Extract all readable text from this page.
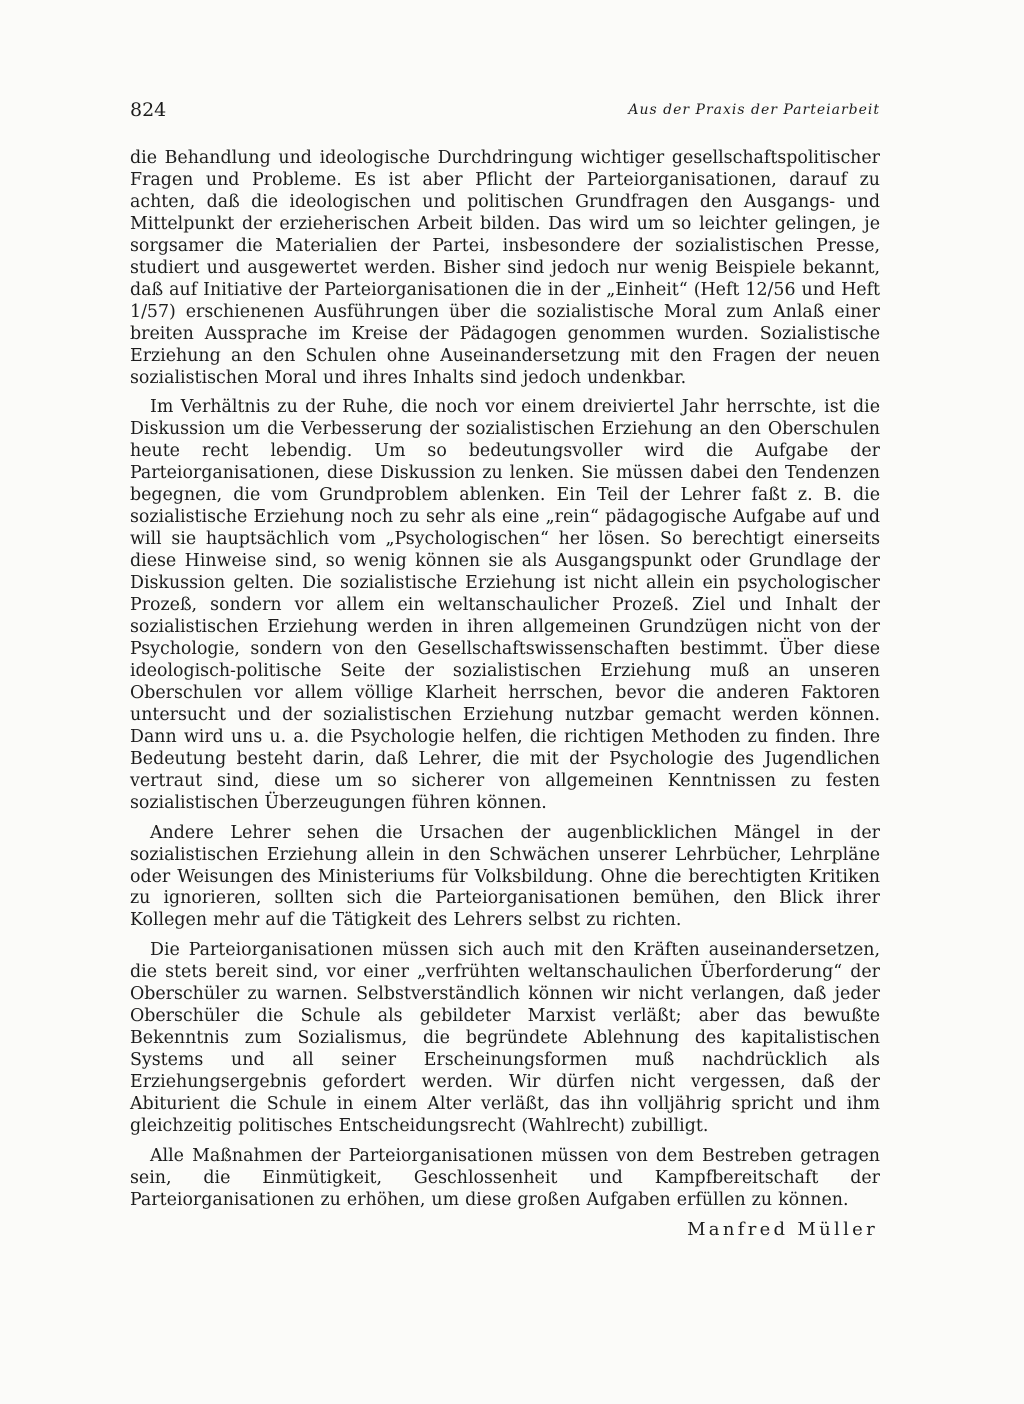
824	Aus der Praxis der Parteiarbeit

die Behandlung und ideologische Durchdringung wichtiger gesellschaftspolitischer Fragen und Probleme. Es ist aber Pflicht der Parteiorganisationen, darauf zu achten, daß die ideologischen und politischen Grundfragen den Ausgangs- und Mittelpunkt der erzieherischen Arbeit bilden. Das wird um so leichter gelingen, je sorgsamer die Materialien der Partei, insbesondere der sozialistischen Presse, studiert und ausgewertet werden. Bisher sind jedoch nur wenig Beispiele bekannt, daß auf Initiative der Parteiorganisationen die in der „Einheit“ (Heft 12/56 und Heft 1/57) erschienenen Ausführungen über die sozialistische Moral zum Anlaß einer breiten Aussprache im Kreise der Pädagogen genommen wurden. Sozialistische Erziehung an den Schulen ohne Auseinandersetzung mit den Fragen der neuen sozialistischen Moral und ihres Inhalts sind jedoch undenkbar.

Im Verhältnis zu der Ruhe, die noch vor einem dreiviertel Jahr herrschte, ist die Diskussion um die Verbesserung der sozialistischen Erziehung an den Oberschulen heute recht lebendig. Um so bedeutungsvoller wird die Aufgabe der Parteiorganisationen, diese Diskussion zu lenken. Sie müssen dabei den Tendenzen begegnen, die vom Grundproblem ablenken. Ein Teil der Lehrer faßt z. B. die sozialistische Erziehung noch zu sehr als eine „rein“ pädagogische Aufgabe auf und will sie hauptsächlich vom „Psychologischen“ her lösen. So berechtigt einerseits diese Hinweise sind, so wenig können sie als Ausgangspunkt oder Grundlage der Diskussion gelten. Die sozialistische Erziehung ist nicht allein ein psychologischer Prozeß, sondern vor allem ein weltanschaulicher Prozeß. Ziel und Inhalt der sozialistischen Erziehung werden in ihren allgemeinen Grundzügen nicht von der Psychologie, sondern von den Gesellschaftswissenschaften bestimmt. Über diese ideologisch-politische Seite der sozialistischen Erziehung muß an unseren Oberschulen vor allem völlige Klarheit herrschen, bevor die anderen Faktoren untersucht und der sozialistischen Erziehung nutzbar gemacht werden können. Dann wird uns u. a. die Psychologie helfen, die richtigen Methoden zu finden. Ihre Bedeutung besteht darin, daß Lehrer, die mit der Psychologie des Jugendlichen vertraut sind, diese um so sicherer von allgemeinen Kenntnissen zu festen sozialistischen Überzeugungen führen können.

Andere Lehrer sehen die Ursachen der augenblicklichen Mängel in der sozialistischen Erziehung allein in den Schwächen unserer Lehrbücher, Lehrpläne oder Weisungen des Ministeriums für Volksbildung. Ohne die berechtigten Kritiken zu ignorieren, sollten sich die Parteiorganisationen bemühen, den Blick ihrer Kollegen mehr auf die Tätigkeit des Lehrers selbst zu richten.

Die Parteiorganisationen müssen sich auch mit den Kräften auseinandersetzen, die stets bereit sind, vor einer „verfrühten weltanschaulichen Überforderung“ der Oberschüler zu warnen. Selbstverständlich können wir nicht verlangen, daß jeder Oberschüler die Schule als gebildeter Marxist verläßt; aber das bewußte Bekenntnis zum Sozialismus, die begründete Ablehnung des kapitalistischen Systems und all seiner Erscheinungsformen muß nachdrücklich als Erziehungsergebnis gefordert werden. Wir dürfen nicht vergessen, daß der Abiturient die Schule in einem Alter verläßt, das ihn volljährig spricht und ihm gleichzeitig politisches Entscheidungsrecht (Wahlrecht) zubilligt.

Alle Maßnahmen der Parteiorganisationen müssen von dem Bestreben getragen sein, die Einmütigkeit, Geschlossenheit und Kampfbereitschaft der Parteiorganisationen zu erhöhen, um diese großen Aufgaben erfüllen zu können.

Manfred Müller
